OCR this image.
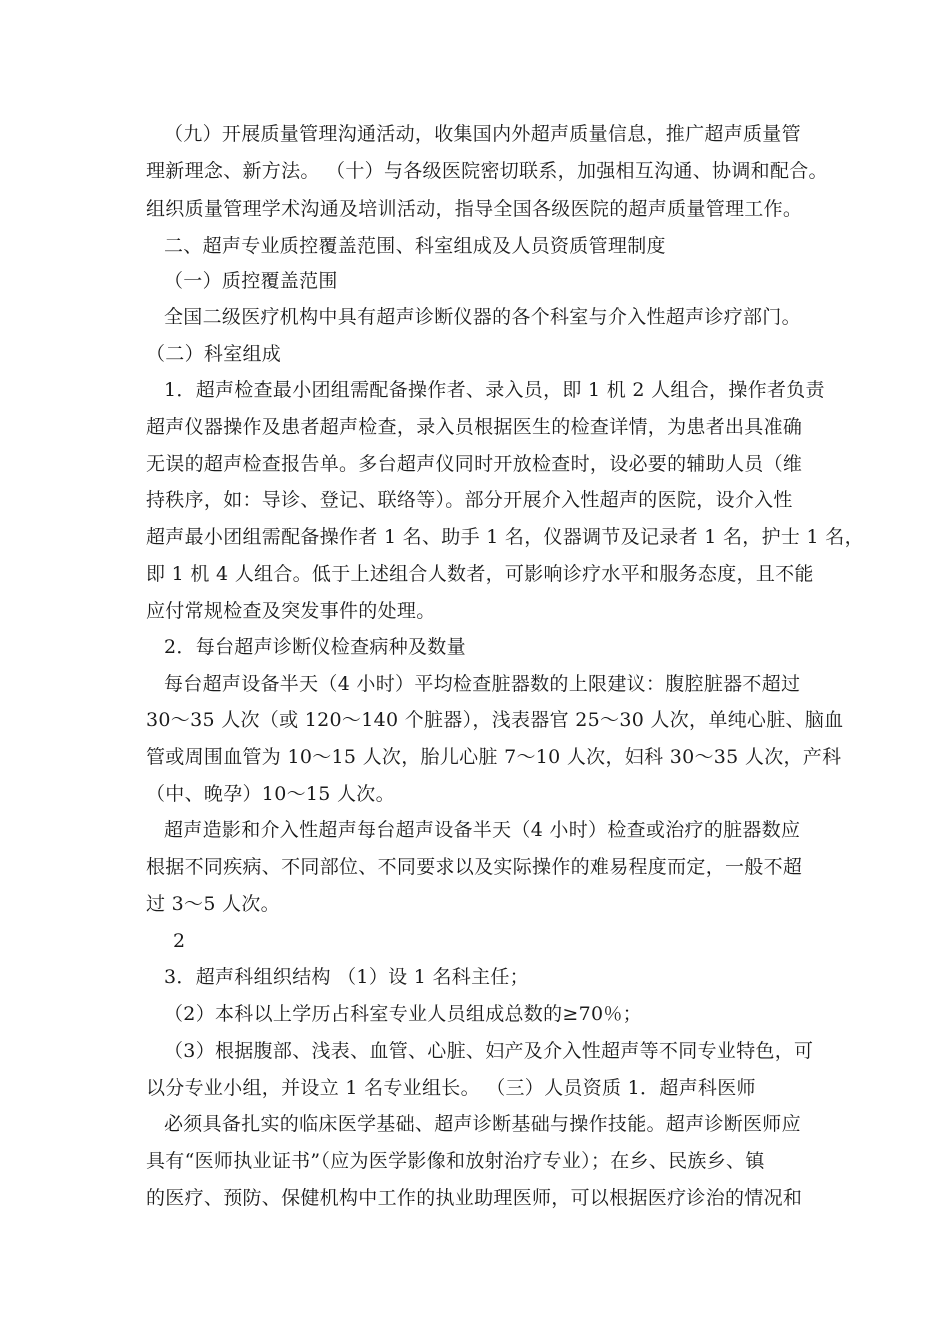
（九）开展质量管理沟通活动，收集国内外超声质量信息，推广超声质量管
理新理念、新方法。 （十）与各级医院密切联系，加强相互沟通、协调和配合。
组织质量管理学术沟通及培训活动，指导全国各级医院的超声质量管理工作。
二、超声专业质控覆盖范围、科室组成及人员资质管理制度
（一）质控覆盖范围
全国二级医疗机构中具有超声诊断仪器的各个科室与介入性超声诊疗部门。
（二）科室组成
1．超声检查最小团组需配备操作者、录入员，即 1 机 2 人组合，操作者负责
超声仪器操作及患者超声检查，录入员根据医生的检查详情，为患者出具准确
无误的超声检查报告单。多台超声仪同时开放检查时，设必要的辅助人员（维
持秩序，如：导诊、登记、联络等）。部分开展介入性超声的医院，设介入性
超声最小团组需配备操作者 1 名、助手 1 名，仪器调节及记录者 1 名，护士 1 名，
即 1 机 4 人组合。低于上述组合人数者，可影响诊疗水平和服务态度，且不能
应付常规检查及突发事件的处理。
2．每台超声诊断仪检查病种及数量
每台超声设备半天（4 小时）平均检查脏器数的上限建议：腹腔脏器不超过
30～35 人次（或 120～140 个脏器），浅表器官 25～30 人次，单纯心脏、脑血
管或周围血管为 10～15 人次，胎儿心脏 7～10 人次，妇科 30～35 人次，产科
（中、晚孕）10～15 人次。
超声造影和介入性超声每台超声设备半天（4 小时）检查或治疗的脏器数应
根据不同疾病、不同部位、不同要求以及实际操作的难易程度而定，一般不超
过 3～5 人次。
2
3．超声科组织结构 （1）设 1 名科主任；
（2）本科以上学历占科室专业人员组成总数的≥70％；
（3）根据腹部、浅表、血管、心脏、妇产及介入性超声等不同专业特色，可
以分专业小组，并设立 1 名专业组长。 （三）人员资质 1．超声科医师
必须具备扎实的临床医学基础、超声诊断基础与操作技能。超声诊断医师应
具有“医师执业证书”（应为医学影像和放射治疗专业）；在乡、民族乡、镇
的医疗、预防、保健机构中工作的执业助理医师，可以根据医疗诊治的情况和
